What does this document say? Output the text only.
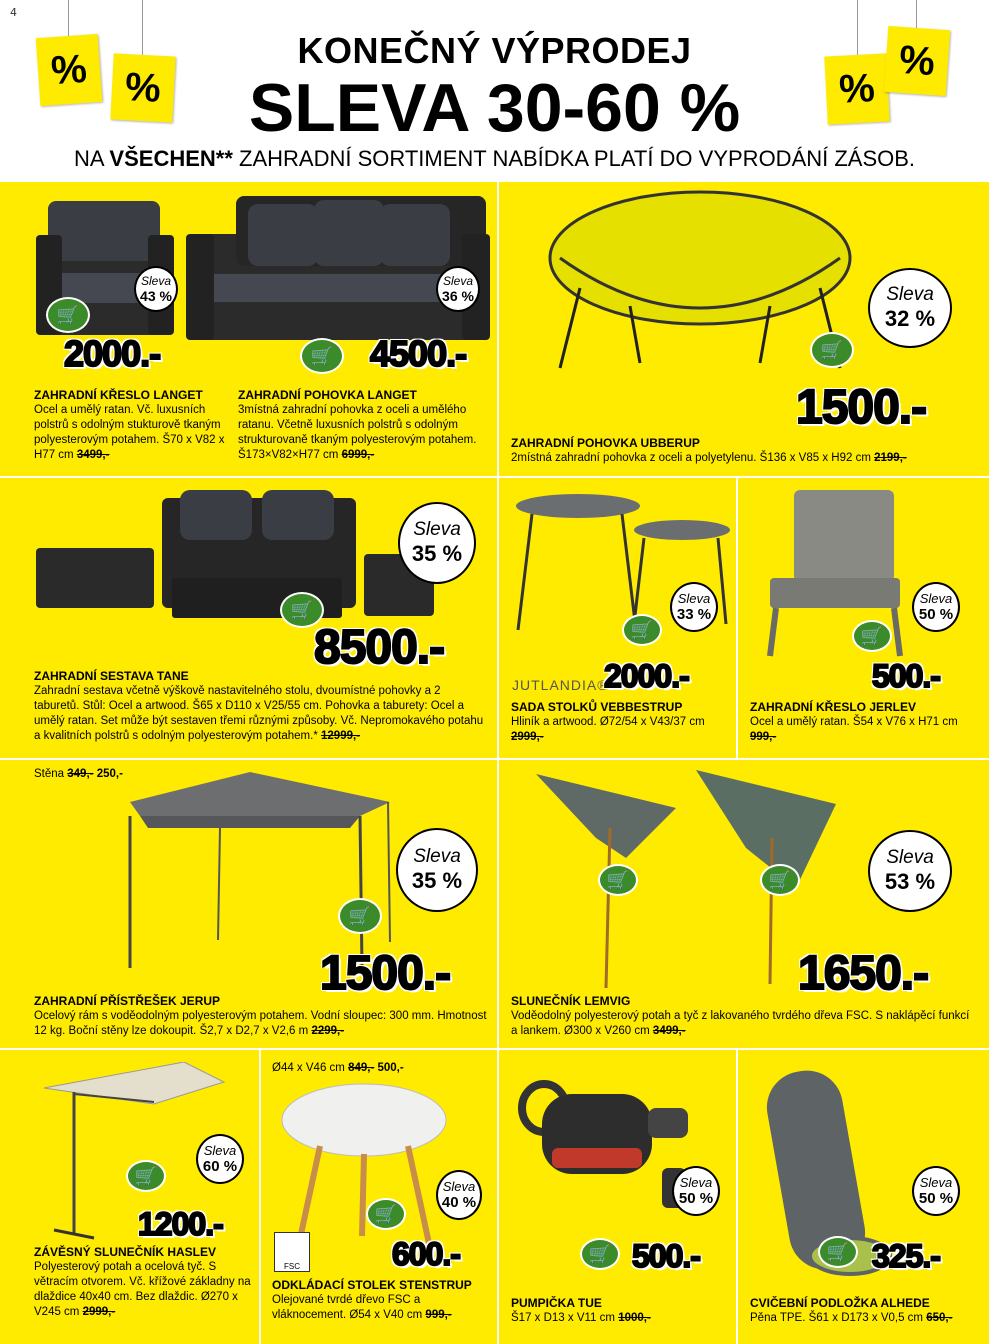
4
% %	%
%
KONEČNÝ VÝPRODEJ
SLEVA 30-60 %
NA VŠECHEN** ZAHRADNÍ SORTIMENT NABÍDKA PLATÍ DO VYPRODÁNÍ ZÁSOB.
Sleva
43 %
🛒
2000.-
ZAHRADNÍ KŘESLO LANGET
Ocel a umělý ratan. Vč. luxusních polstrů s odolným stukturově tkaným polyesterovým potahem. Š70 x V82 x H77 cm 3499,-
Sleva
36 %
🛒 4500.-
ZAHRADNÍ POHOVKA LANGET
3místná zahradní pohovka z oceli a umělého ratanu. Včetně luxusních polstrů s odolným strukturovaně tkaným polyesterovým potahem. Š173×V82×H77 cm 6999,-
Sleva
32 %
🛒
1500.-
ZAHRADNÍ POHOVKA UBBERUP
2místná zahradní pohovka z oceli a polyetylenu. Š136 x V85 x H92 cm 2199,-
Sleva
35 %
🛒
8500.-
ZAHRADNÍ SESTAVA TANE
Zahradní sestava včetně výškově nastavitelného stolu, dvoumístné pohovky a 2 taburetů. Stůl: Ocel a artwood. Š65 x D110 x V25/55 cm. Pohovka a taburety: Ocel a umělý ratan. Set může být sestaven třemi různými způsoby. Vč. Nepromokavého potahu a kvalitních polstrů s odolným polyesterovým potahem.* 12999,-
Sleva
33 %
🛒
JUTLANDIA®
2000.-
SADA STOLKŮ VEBBESTRUP
Hliník a artwood. Ø72/54 x V43/37 cm 2999,-
Sleva
50 %
🛒
500.-
ZAHRADNÍ KŘESLO JERLEV
Ocel a umělý ratan. Š54 x V76 x H71 cm 999,-
Stěna 349,- 250,-
Sleva
35 %
🛒
1500.-
ZAHRADNÍ PŘÍSTŘEŠEK JERUP
Ocelový rám s voděodolným polyesterovým potahem. Vodní sloupec: 300 mm. Hmotnost 12 kg. Boční stěny lze dokoupit. Š2,7 x D2,7 x V2,6 m 2299,-
Sleva
53 %
🛒	🛒
1650.-
SLUNEČNÍK LEMVIG
Voděodolný polyesterový potah a tyč z lakovaného tvrdého dřeva FSC. S naklápěcí funkcí a lankem. Ø300 x V260 cm 3499,-
Sleva
60 %
🛒
1200.-
ZÁVĚSNÝ SLUNEČNÍK HASLEV
Polyesterový potah a ocelová tyč. S větracím otvorem. Vč. křížové základny na dlaždice 40x40 cm. Bez dlaždic. Ø270 x V245 cm 2999,-
Ø44 x V46 cm 849,- 500,-
Sleva
40 %
🛒
FSC	600.-
ODKLÁDACÍ STOLEK STENSTRUP
Olejované tvrdé dřevo FSC a vláknocement. Ø54 x V40 cm 999,-
Sleva
50 %
🛒 500.-
PUMPIČKA TUE
Š17 x D13 x V11 cm 1000,-
Sleva
50 %
🛒 325.-
CVIČEBNÍ PODLOŽKA ALHEDE
Pěna TPE. Š61 x D173 x V0,5 cm 650,-
